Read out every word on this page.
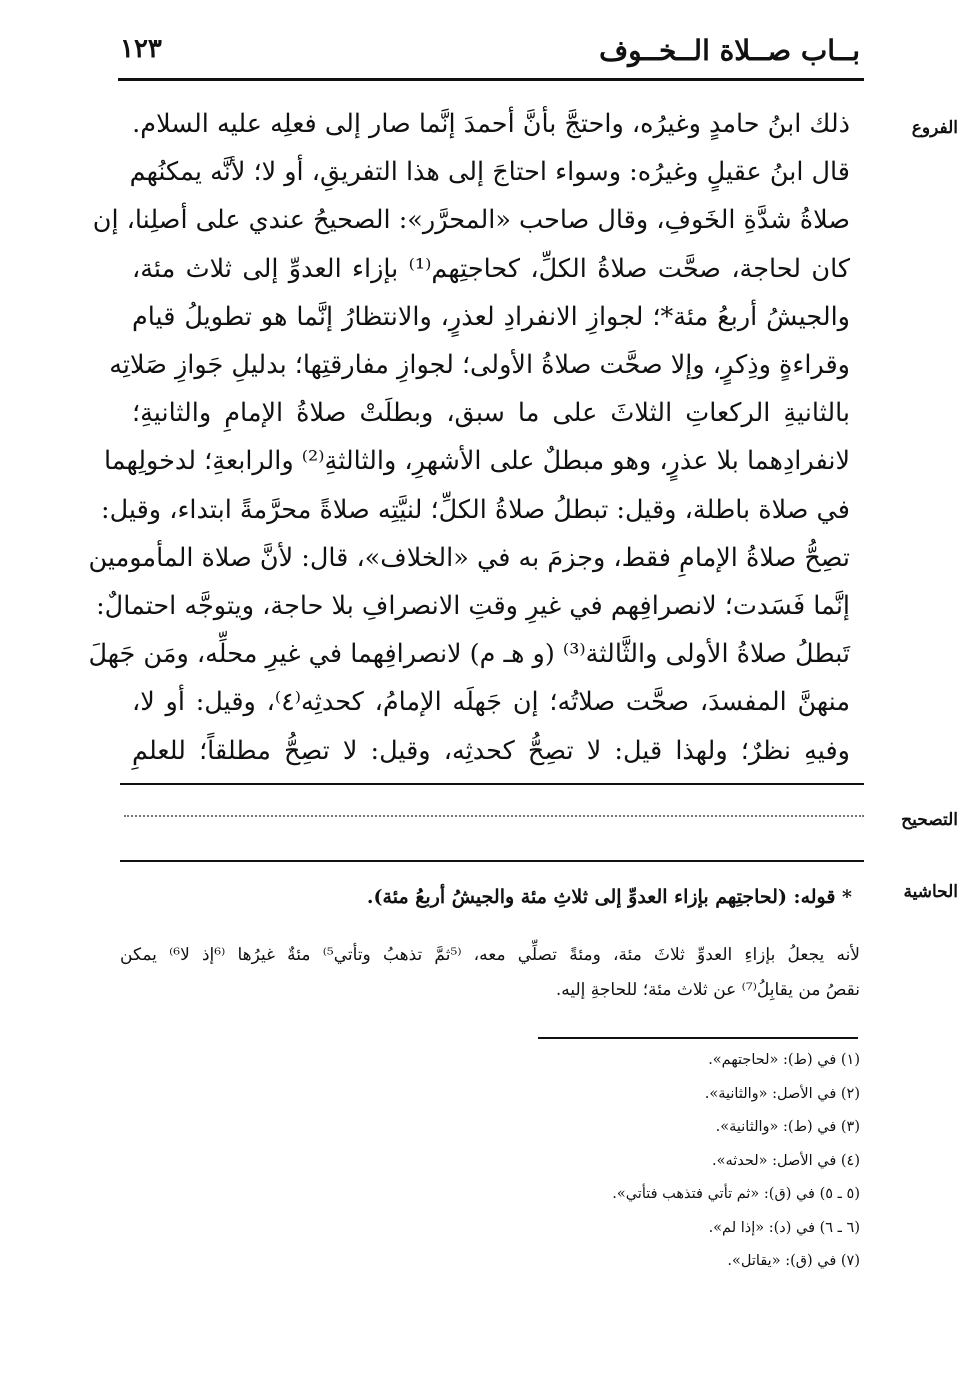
بــاب صــلاة الــخــوف
١٢٣
الفروع
التصحيح
الحاشية
ذلك ابنُ حامدٍ وغيرُه، واحتجَّ بأنَّ أحمدَ إنَّما صار إلى فعلِه عليه السلام.
قال ابنُ عقيلٍ وغيرُه: وسواء احتاجَ إلى هذا التفريقِ، أو لا؛ لأنَّه يمكنُهم
صلاةُ شدَّةِ الخَوفِ، وقال صاحب «المحرَّر»: الصحيحُ عندي على أصلِنا، إن
كان لحاجة، صحَّت صلاةُ الكلِّ، كحاجتِهم⁽¹⁾ بإزاء العدوِّ إلى ثلاث مئة،
والجيشُ أربعُ مئة*؛ لجوازِ الانفرادِ لعذرٍ، والانتظارُ إنَّما هو تطويلُ قيام
وقراءةٍ وذِكرٍ، وإلا صحَّت صلاةُ الأولى؛ لجوازِ مفارقتِها؛ بدليلِ جَوازِ صَلاتِه
بالثانيةِ الركعاتِ الثلاثَ على ما سبق، وبطلَتْ صلاةُ الإمامِ والثانيةِ؛
لانفرادِهما بلا عذرٍ، وهو مبطلٌ على الأشهرِ، والثالثةِ⁽²⁾ والرابعةِ؛ لدخولِهما
في صلاة باطلة، وقيل: تبطلُ صلاةُ الكلِّ؛ لنيَّتِه صلاةً محرَّمةً ابتداء، وقيل:
تصِحُّ صلاةُ الإمامِ فقط، وجزمَ به في «الخلاف»، قال: لأنَّ صلاة المأمومين
إنَّما فَسَدت؛ لانصرافِهم في غيرِ وقتِ الانصرافِ بلا حاجة، ويتوجَّه احتمالٌ:
تَبطلُ صلاةُ الأولى والثَّالثة⁽³⁾ (و هـ م) لانصرافِهما في غيرِ محلِّه، ومَن جَهلَ
منهنَّ المفسدَ، صحَّت صلاتُه؛ إن جَهلَه الإمامُ، كحدثِه⁽٤⁾، وقيل: أو لا،
وفيهِ نظرٌ؛ ولهذا قيل: لا تصِحُّ كحدثِه، وقيل: لا تصِحُّ مطلقاً؛ للعلمِ
* قوله: (لحاجتِهم بإزاء العدوِّ إلى ثلاثِ مئة والجيشُ أربعُ مئة).
لأنه يجعلُ بإزاءِ العدوِّ ثلاثَ مئة، ومئةً تصلِّي معه، ⁽⁵ثمَّ تذهبُ وتأتي⁵⁾ مئةٌ غيرُها ⁽⁶إذ لا⁶⁾ يمكن
نقصُ من يقابِلُ⁽⁷⁾ عن ثلاث مئة؛ للحاجةِ إليه.
(١) في (ط): «لحاجتهم».
(٢) في الأصل: «والثانية».
(٣) في (ط): «والثانية».
(٤) في الأصل: «لحدثه».
(٥ ـ ٥) في (ق): «ثم تأتي فتذهب فتأتي».
(٦ ـ ٦) في (د): «إذا لم».
(٧) في (ق): «يقاتل».
